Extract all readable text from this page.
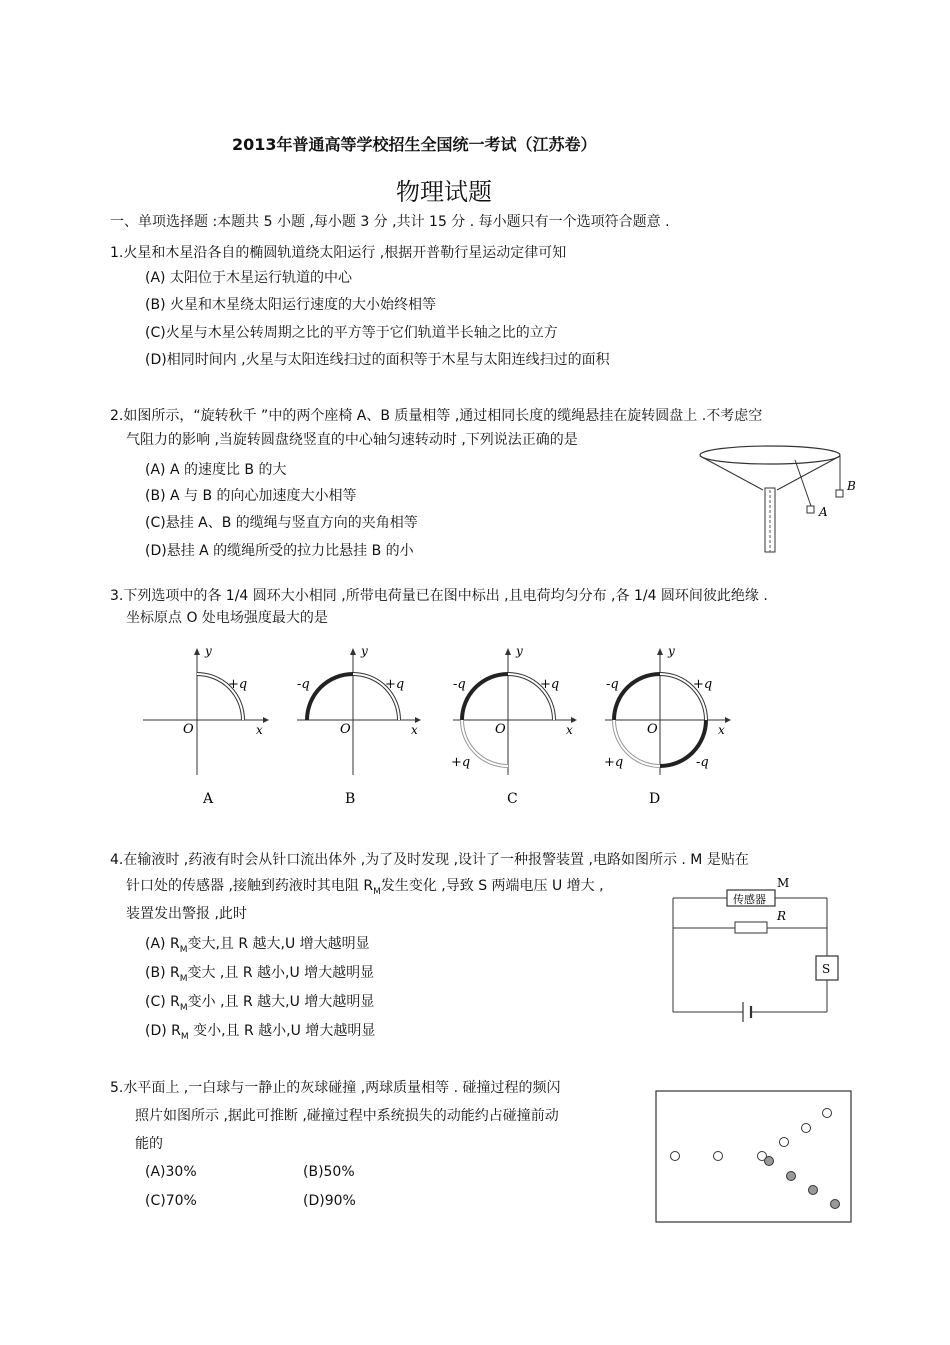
2013年普通高等学校招生全国统一考试（江苏卷）
物理试题
一、单项选择题 :本题共 5 小题 ,每小题 3 分 ,共计 15 分 . 每小题只有一个选项符合题意 .
1.火星和木星沿各自的椭圆轨道绕太阳运行 ,根据开普勒行星运动定律可知
(A) 太阳位于木星运行轨道的中心
(B) 火星和木星绕太阳运行速度的大小始终相等
(C)火星与木星公转周期之比的平方等于它们轨道半长轴之比的立方
(D)相同时间内 ,火星与太阳连线扫过的面积等于木星与太阳连线扫过的面积
2.如图所示，“旋转秋千 ”中的两个座椅 A、B 质量相等 ,通过相同长度的缆绳悬挂在旋转圆盘上 .不考虑空
气阻力的影响 ,当旋转圆盘绕竖直的中心轴匀速转动时 ,下列说法正确的是
(A) A 的速度比 B 的大
(B) A 与 B 的向心加速度大小相等
(C)悬挂 A、B 的缆绳与竖直方向的夹角相等
(D)悬挂 A 的缆绳所受的拉力比悬挂 B 的小
A
B
3.下列选项中的各 1/4 圆环大小相同 ,所带电荷量已在图中标出 ,且电荷均匀分布 ,各 1/4 圆环间彼此绝缘 .
坐标原点 O 处电场强度最大的是
y
x
O
+q
A
y
x
O
+q
-q
B
y
x
O
+q
-q
+q
C
y
x
O
+q
-q
+q	-q
D
4.在输液时 ,药液有时会从针口流出体外 ,为了及时发现 ,设计了一种报警装置 ,电路如图所示 . M 是贴在
针口处的传感器 ,接触到药液时其电阻 $R_M$发生变化 ,导致 S 两端电压 U 增大 ,
装置发出警报 ,此时
(A) $R_M$变大,且 R 越大,U 增大越明显
(B) $R_M$变大 ,且 R 越小,U 增大越明显
(C) $R_M$变小 ,且 R 越大,U 增大越明显
(D) $R_M$ 变小,且 R 越小,U 增大越明显
传感器
M
R
S
5.水平面上 ,一白球与一静止的灰球碰撞 ,两球质量相等 . 碰撞过程的频闪
照片如图所示 ,据此可推断 ,碰撞过程中系统损失的动能约占碰撞前动
能的
(A)30%	(B)50%
(C)70%	(D)90%
